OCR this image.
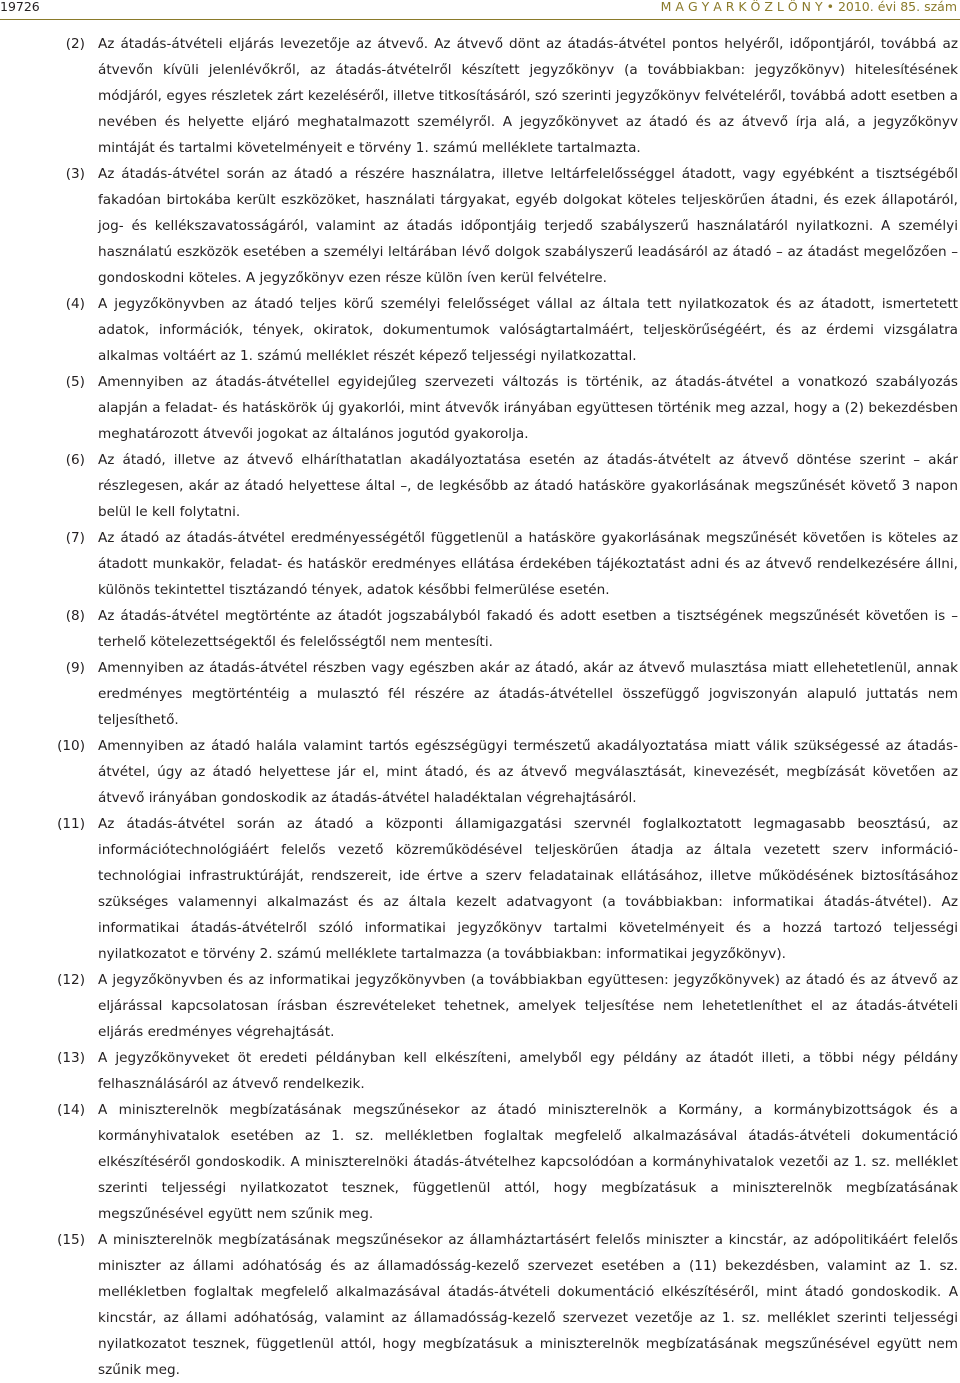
19726	M A G Y A R K Ö Z L Ö N Y • 2010. évi 85. szám

(2) Az átadás-átvételi eljárás levezetője az átvevő. Az átvevő dönt az átadás-átvétel pontos helyéről, időpontjáról, továbbá az átvevőn kívüli jelenlévőkről, az átadás-átvételről készített jegyzőkönyv (a továbbiakban: jegyzőkönyv) hitelesítésének módjáról, egyes részletek zárt kezeléséről, illetve titkosításáról, szó szerinti jegyzőkönyv felvételéről, továbbá adott esetben a nevében és helyette eljáró meghatalmazott személyről. A jegyzőkönyvet az átadó és az átvevő írja alá, a jegyzőkönyv mintáját és tartalmi követelményeit e törvény 1. számú melléklete tartalmazta.

(3) Az átadás-átvétel során az átadó a részére használatra, illetve leltárfelelősséggel átadott, vagy egyébként a tisztségéből fakadóan birtokába került eszközöket, használati tárgyakat, egyéb dolgokat köteles teljeskörűen átadni, és ezek állapotáról, jog- és kellékszavatosságáról, valamint az átadás időpontjáig terjedő szabályszerű használatáról nyilatkozni. A személyi használatú eszközök esetében a személyi leltárában lévő dolgok szabályszerű leadásáról az átadó – az átadást megelőzően – gondoskodni köteles. A jegyzőkönyv ezen része külön íven kerül felvételre.

(4) A jegyzőkönyvben az átadó teljes körű személyi felelősséget vállal az általa tett nyilatkozatok és az átadott, ismertetett adatok, információk, tények, okiratok, dokumentumok valóságtartalmáért, teljeskörűségéért, és az érdemi vizsgálatra alkalmas voltáért az 1. számú melléklet részét képező teljességi nyilatkozattal.

(5) Amennyiben az átadás-átvétellel egyidejűleg szervezeti változás is történik, az átadás-átvétel a vonatkozó szabályozás alapján a feladat- és hatáskörök új gyakorlói, mint átvevők irányában együttesen történik meg azzal, hogy a (2) bekezdésben meghatározott átvevői jogokat az általános jogutód gyakorolja.

(6) Az átadó, illetve az átvevő elháríthatatlan akadályoztatása esetén az átadás-átvételt az átvevő döntése szerint – akár részlegesen, akár az átadó helyettese által –, de legkésőbb az átadó hatásköre gyakorlásának megszűnését követő 3 napon belül le kell folytatni.

(7) Az átadó az átadás-átvétel eredményességétől függetlenül a hatásköre gyakorlásának megszűnését követően is köteles az átadott munkakör, feladat- és hatáskör eredményes ellátása érdekében tájékoztatást adni és az átvevő rendelkezésére állni, különös tekintettel tisztázandó tények, adatok későbbi felmerülése esetén.

(8) Az átadás-átvétel megtörténte az átadót jogszabályból fakadó és adott esetben a tisztségének megszűnését követően is – terhelő kötelezettségektől és felelősségtől nem mentesíti.

(9) Amennyiben az átadás-átvétel részben vagy egészben akár az átadó, akár az átvevő mulasztása miatt ellehetetlenül, annak eredményes megtörténtéig a mulasztó fél részére az átadás-átvétellel összefüggő jogviszonyán alapuló juttatás nem teljesíthető.

(10) Amennyiben az átadó halála valamint tartós egészségügyi természetű akadályoztatása miatt válik szükségessé az átadás-átvétel, úgy az átadó helyettese jár el, mint átadó, és az átvevő megválasztását, kinevezését, megbízását követően az átvevő irányában gondoskodik az átadás-átvétel haladéktalan végrehajtásáról.

(11) Az átadás-átvétel során az átadó a központi államigazgatási szervnél foglalkoztatott legmagasabb beosztású, az információtechnológiáért felelős vezető közreműködésével teljeskörűen átadja az általa vezetett szerv információ-technológiai infrastruktúráját, rendszereit, ide értve a szerv feladatainak ellátásához, illetve működésének biztosításához szükséges valamennyi alkalmazást és az általa kezelt adatvagyont (a továbbiakban: informatikai átadás-átvétel). Az informatikai átadás-átvételről szóló informatikai jegyzőkönyv tartalmi követelményeit és a hozzá tartozó teljességi nyilatkozatot e törvény 2. számú melléklete tartalmazza (a továbbiakban: informatikai jegyzőkönyv).

(12) A jegyzőkönyvben és az informatikai jegyzőkönyvben (a továbbiakban együttesen: jegyzőkönyvek) az átadó és az átvevő az eljárással kapcsolatosan írásban észrevételeket tehetnek, amelyek teljesítése nem lehetetleníthet el az átadás-átvételi eljárás eredményes végrehajtását.

(13) A jegyzőkönyveket öt eredeti példányban kell elkészíteni, amelyből egy példány az átadót illeti, a többi négy példány felhasználásáról az átvevő rendelkezik.

(14) A miniszterelnök megbízatásának megszűnésekor az átadó miniszterelnök a Kormány, a kormánybizottságok és a kormányhivatalok esetében az 1. sz. mellékletben foglaltak megfelelő alkalmazásával átadás-átvételi dokumentáció elkészítéséről gondoskodik. A miniszterelnöki átadás-átvételhez kapcsolódóan a kormányhivatalok vezetői az 1. sz. melléklet szerinti teljességi nyilatkozatot tesznek, függetlenül attól, hogy megbízatásuk a miniszterelnök megbízatásának megszűnésével együtt nem szűnik meg.

(15) A miniszterelnök megbízatásának megszűnésekor az államháztartásért felelős miniszter a kincstár, az adópolitikáért felelős miniszter az állami adóhatóság és az államadósság-kezelő szervezet esetében a (11) bekezdésben, valamint az 1. sz. mellékletben foglaltak megfelelő alkalmazásával átadás-átvételi dokumentáció elkészítéséről, mint átadó gondoskodik. A kincstár, az állami adóhatóság, valamint az államadósság-kezelő szervezet vezetője az 1. sz. melléklet szerinti teljességi nyilatkozatot tesznek, függetlenül attól, hogy megbízatásuk a miniszterelnök megbízatásának megszűnésével együtt nem szűnik meg.
